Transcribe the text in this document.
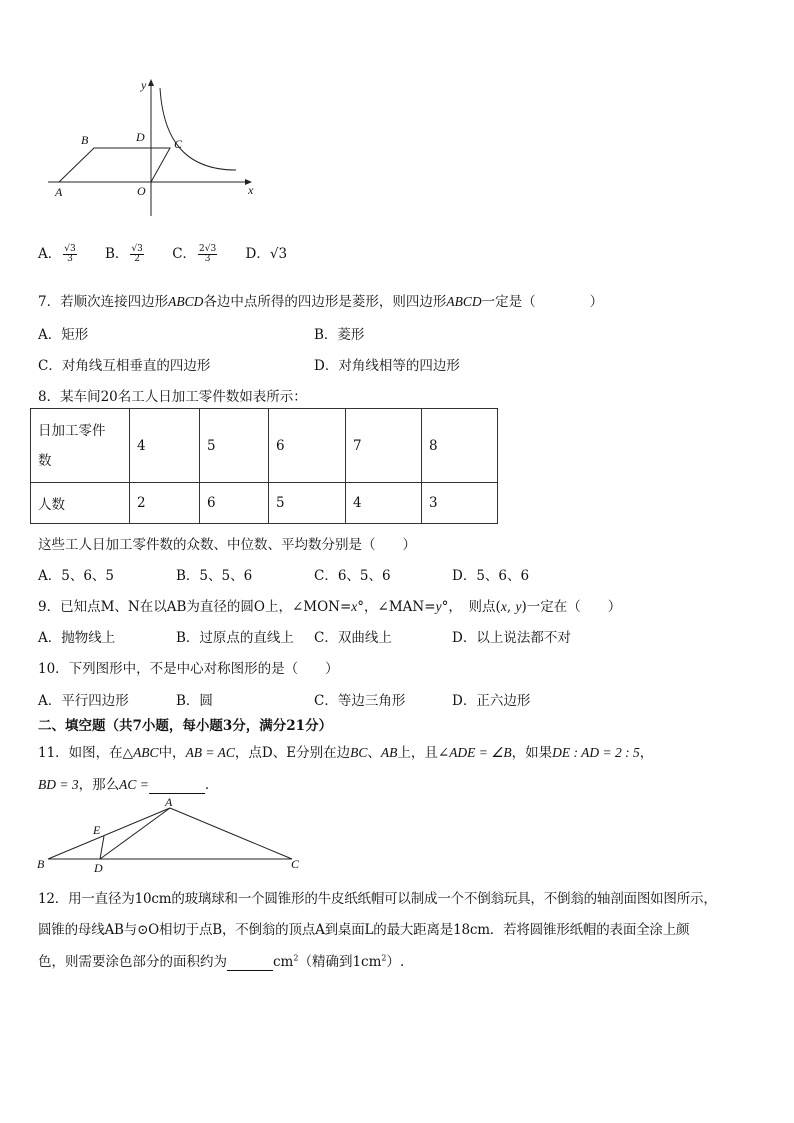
y
x
B	D C
A	O
A． $\frac{√3}{3}$ B． $\frac{√3}{2}$ C． $\frac{2√3}{3}$ D．√3
7．若顺次连接四边形ABCD各边中点所得的四边形是菱形，则四边形ABCD一定是（　　　　）
A．矩形	B．菱形
C．对角线互相垂直的四边形	D．对角线相等的四边形
8．某车间20名工人日加工零件数如表所示：
日加工零件
数	4	5	6	7	8
人数	2	6	5	4	3
这些工人日加工零件数的众数、中位数、平均数分别是（　　）
A．5、6、5	B．5、5、6	C．6、5、6	D．5、6、6
9．已知点M、N在以AB为直径的圆O上，∠MON=x°，∠MAN=y°，　则点(x, y)一定在（　　）
A．抛物线上	B．过原点的直线上 C．双曲线上	D．以上说法都不对
10．下列图形中，不是中心对称图形的是（　　）
A．平行四边形	B．圆	C．等边三角形	D．正六边形
二、填空题（共7小题，每小题3分，满分21分）
11．如图，在△ABC中，AB = AC，点D、E分别在边BC、AB上，且∠ADE = ∠B，如果DE : AD = 2 : 5，
BD = 3，那么AC =	．
A
E
B	D	C
12．用一直径为10cm的玻璃球和一个圆锥形的牛皮纸纸帽可以制成一个不倒翁玩具，不倒翁的轴剖面图如图所示，
圆锥的母线AB与⊙O相切于点B，不倒翁的顶点A到桌面L的最大距离是18cm．若将圆锥形纸帽的表面全涂上颜
色，则需要涂色部分的面积约为	$cm^2$（精确到$1cm^2$）.
